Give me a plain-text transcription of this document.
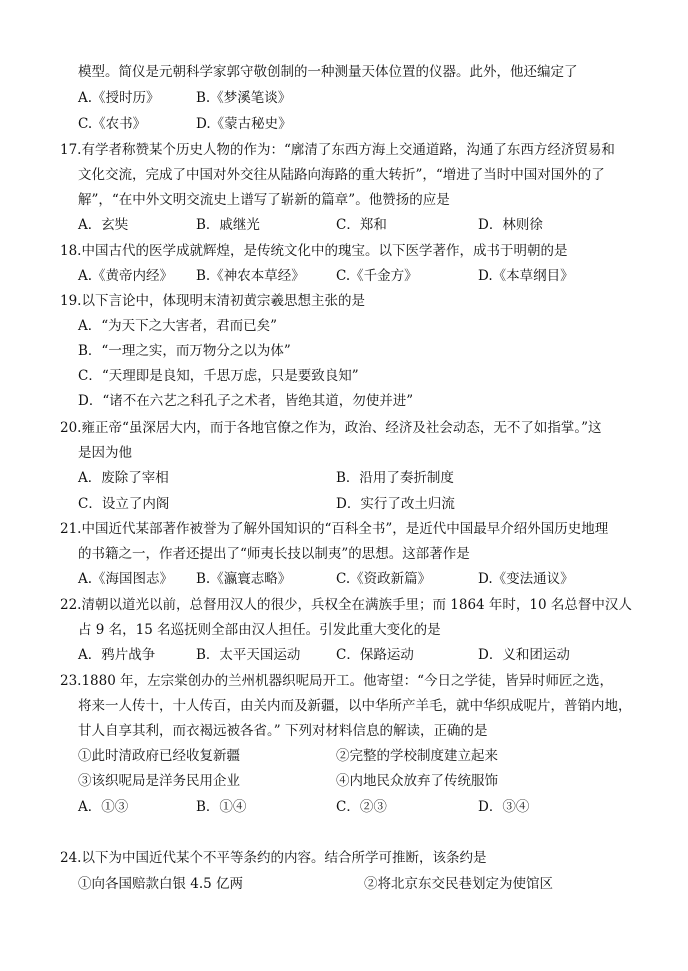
模型。简仪是元朝科学家郭守敬创制的一种测量天体位置的仪器。此外，他还编定了
A.《授时历》	B.《梦溪笔谈》
C.《农书》	D.《蒙古秘史》
17.有学者称赞某个历史人物的作为：“廓清了东西方海上交通道路，沟通了东西方经济贸易和
文化交流，完成了中国对外交往从陆路向海路的重大转折”，“增进了当时中国对国外的了
解”，“在中外文明交流史上谱写了崭新的篇章”。他赞扬的应是
A．玄奘	B．戚继光	C．郑和	D．林则徐
18.中国古代的医学成就辉煌，是传统文化中的瑰宝。以下医学著作，成书于明朝的是
A.《黄帝内经》 B.《神农本草经》 C.《千金方》	D.《本草纲目》
19.以下言论中，体现明末清初黄宗羲思想主张的是
A．“为天下之大害者，君而已矣”
B．“一理之实，而万物分之以为体”
C．“天理即是良知，千思万虑，只是要致良知”
D．“诸不在六艺之科孔子之术者，皆绝其道，勿使并进”
20.雍正帝“虽深居大内，而于各地官僚之作为，政治、经济及社会动态，无不了如指掌。”这
是因为他
A．废除了宰相	B．沿用了奏折制度
C．设立了内阁	D．实行了改土归流
21.中国近代某部著作被誉为了解外国知识的“百科全书”，是近代中国最早介绍外国历史地理
的书籍之一，作者还提出了“师夷长技以制夷”的思想。这部著作是
A.《海国图志》 B.《瀛寰志略》	C.《资政新篇》	D.《变法通议》
22.清朝以道光以前，总督用汉人的很少，兵权全在满族手里；而 1864 年时，10 名总督中汉人
占 9 名，15 名巡抚则全部由汉人担任。引发此重大变化的是
A．鸦片战争	B．太平天国运动	C．保路运动	D．义和团运动
23.1880 年，左宗棠创办的兰州机器织呢局开工。他寄望：“今日之学徒，皆异时师匠之选，
将来一人传十，十人传百，由关内而及新疆，以中华所产羊毛，就中华织成呢片，普销内地，
甘人自享其利，而衣褐远被各省。” 下列对材料信息的解读，正确的是
①此时清政府已经收复新疆	②完整的学校制度建立起来
③该织呢局是洋务民用企业	④内地民众放弃了传统服饰
A．①③	B．①④	C．②③	D．③④
24.以下为中国近代某个不平等条约的内容。结合所学可推断，该条约是
①向各国赔款白银 4.5 亿两	②将北京东交民巷划定为使馆区
